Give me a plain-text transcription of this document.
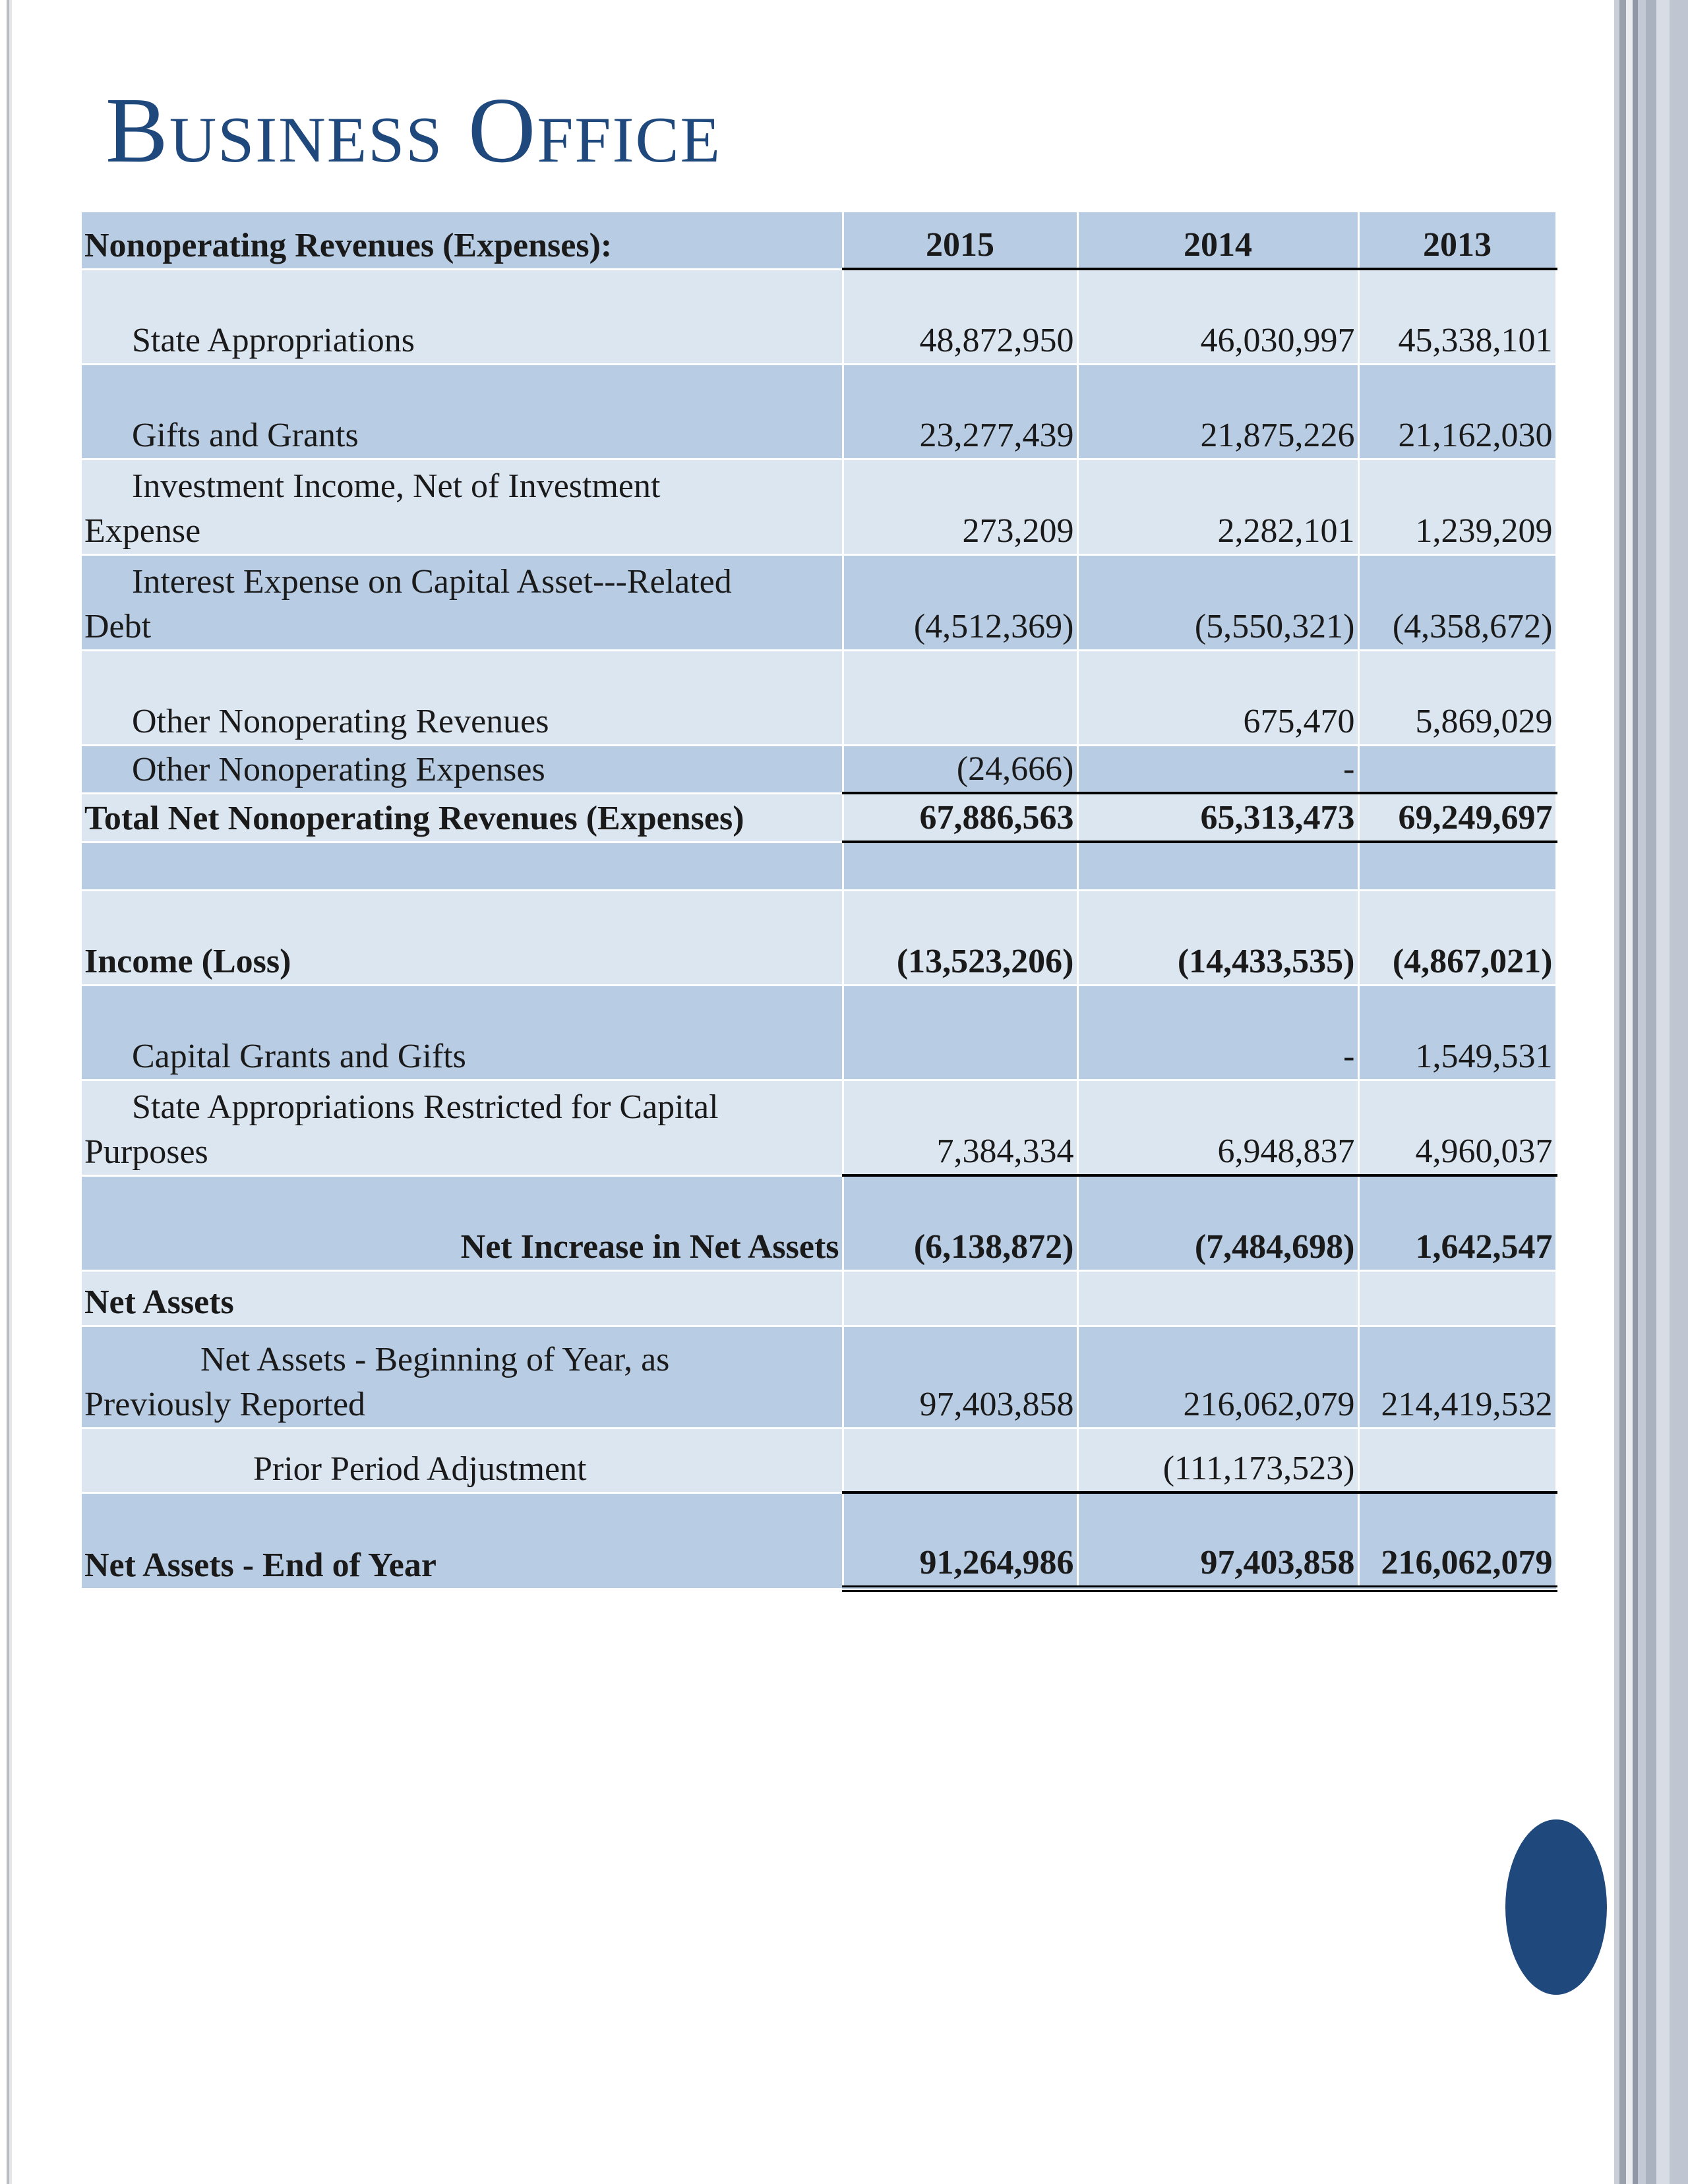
Business Office
Nonoperating Revenues (Expenses):	2015	2014	2013
State Appropriations	48,872,950	46,030,997	45,338,101
Gifts and Grants	23,277,439	21,875,226	21,162,030
Investment Income, Net of Investment
Expense	273,209	2,282,101	1,239,209
Interest Expense on Capital Asset---Related
Debt	(4,512,369)	(5,550,321)	(4,358,672)
Other Nonoperating Revenues		675,470	5,869,029
Other Nonoperating Expenses	(24,666)	-	
Total Net Nonoperating Revenues (Expenses)	67,886,563	65,313,473	69,249,697

Income (Loss)	(13,523,206)	(14,433,535)	(4,867,021)
Capital Grants and Gifts		-	1,549,531
State Appropriations Restricted for Capital
Purposes	7,384,334	6,948,837	4,960,037
Net Increase in Net Assets	(6,138,872)	(7,484,698)	1,642,547
Net Assets			
Net Assets - Beginning of Year, as
Previously Reported	97,403,858	216,062,079	214,419,532
Prior Period Adjustment		(111,173,523)	
Net Assets - End of Year	91,264,986	97,403,858	216,062,079
